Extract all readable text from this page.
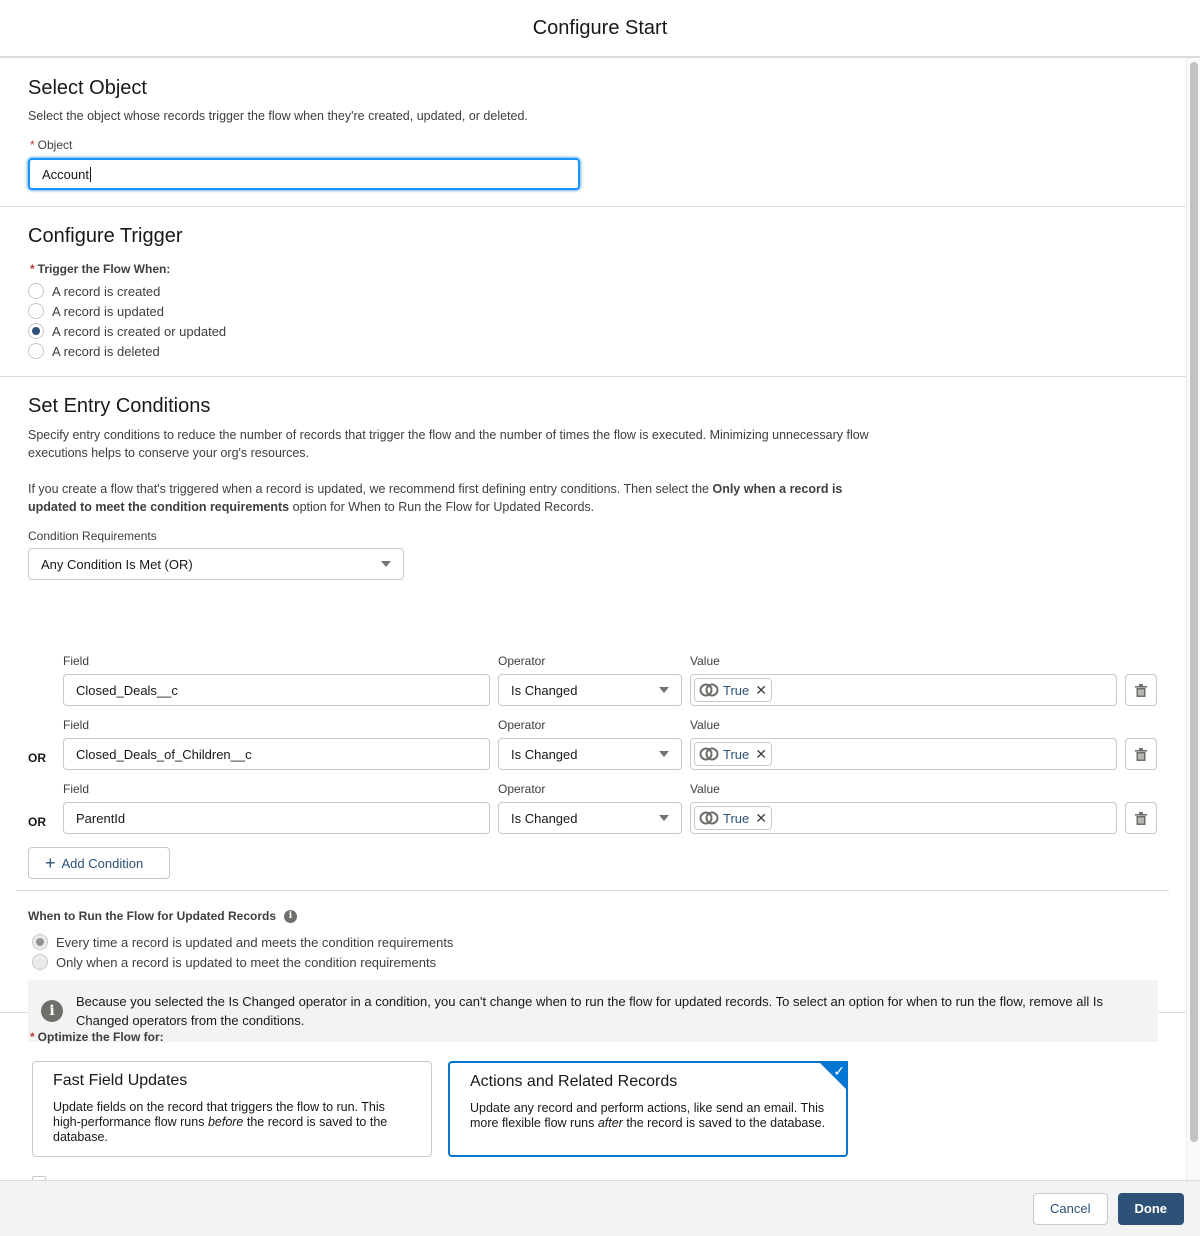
Configure Start
Select Object
Select the object whose records trigger the flow when they're created, updated, or deleted.
* Object
Account
Configure Trigger
* Trigger the Flow When:
A record is created
A record is updated
A record is created or updated
A record is deleted
Set Entry Conditions
Specify entry conditions to reduce the number of records that trigger the flow and the number of times the flow is executed. Minimizing unnecessary flow executions helps to conserve your org's resources.
If you create a flow that's triggered when a record is updated, we recommend first defining entry conditions. Then select the Only when a record is updated to meet the condition requirements option for When to Run the Flow for Updated Records.
Condition Requirements
Any Condition Is Met (OR)
Field
Closed_Deals__c
Operator
Is Changed
Value
True ✕
OR
Field
Closed_Deals_of_Children__c
Operator
Is Changed
Value
True ✕
OR
Field
ParentId
Operator
Is Changed
Value
True ✕
+ Add Condition
When to Run the Flow for Updated Records	i
Every time a record is updated and meets the condition requirements
Only when a record is updated to meet the condition requirements
i
Because you selected the Is Changed operator in a condition, you can't change when to run the flow for updated records. To select an option for when to run the flow, remove all Is Changed operators from the conditions.
* Optimize the Flow for:
Fast Field Updates
Update fields on the record that triggers the flow to run. This high-performance flow runs before the record is saved to the database.
✓
Actions and Related Records
Update any record and perform actions, like send an email. This more flexible flow runs after the record is saved to the database.
Cancel	Done
